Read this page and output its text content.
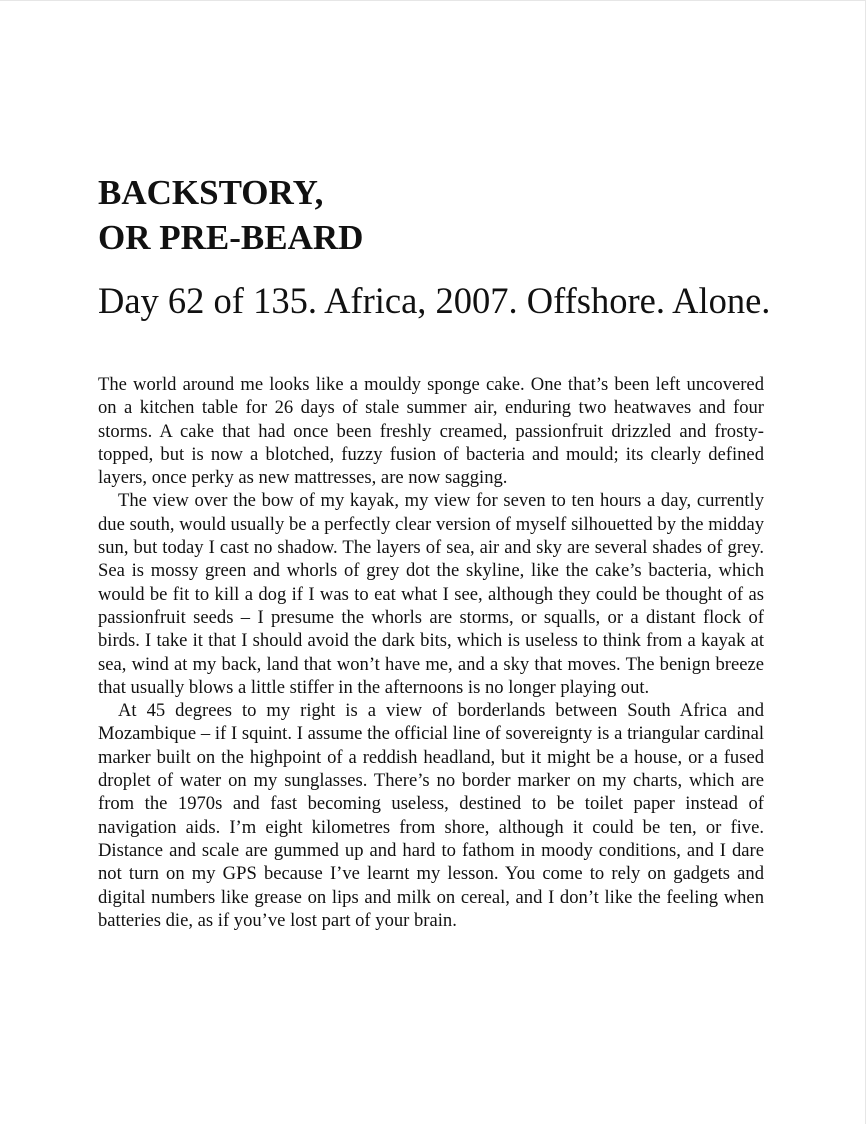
BACKSTORY,
OR PRE-BEARD
Day 62 of 135. Africa, 2007. Offshore. Alone.

The world around me looks like a mouldy sponge cake. One that’s been left uncovered on a kitchen table for 26 days of stale summer air, enduring two heatwaves and four storms. A cake that had once been freshly creamed, passionfruit drizzled and frosty-topped, but is now a blotched, fuzzy fusion of bacteria and mould; its clearly defined layers, once perky as new mattresses, are now sagging.

The view over the bow of my kayak, my view for seven to ten hours a day, currently due south, would usually be a perfectly clear version of myself silhouetted by the midday sun, but today I cast no shadow. The layers of sea, air and sky are several shades of grey. Sea is mossy green and whorls of grey dot the skyline, like the cake’s bacteria, which would be fit to kill a dog if I was to eat what I see, although they could be thought of as passionfruit seeds – I presume the whorls are storms, or squalls, or a distant flock of birds. I take it that I should avoid the dark bits, which is useless to think from a kayak at sea, wind at my back, land that won’t have me, and a sky that moves. The benign breeze that usually blows a little stiffer in the afternoons is no longer playing out.

At 45 degrees to my right is a view of borderlands between South Africa and Mozambique – if I squint. I assume the official line of sovereignty is a triangular cardinal marker built on the highpoint of a reddish headland, but it might be a house, or a fused droplet of water on my sunglasses. There’s no border marker on my charts, which are from the 1970s and fast becoming useless, destined to be toilet paper instead of navigation aids. I’m eight kilometres from shore, although it could be ten, or five. Distance and scale are gummed up and hard to fathom in moody conditions, and I dare not turn on my GPS because I’ve learnt my lesson. You come to rely on gadgets and digital numbers like grease on lips and milk on cereal, and I don’t like the feeling when batteries die, as if you’ve lost part of your brain.
